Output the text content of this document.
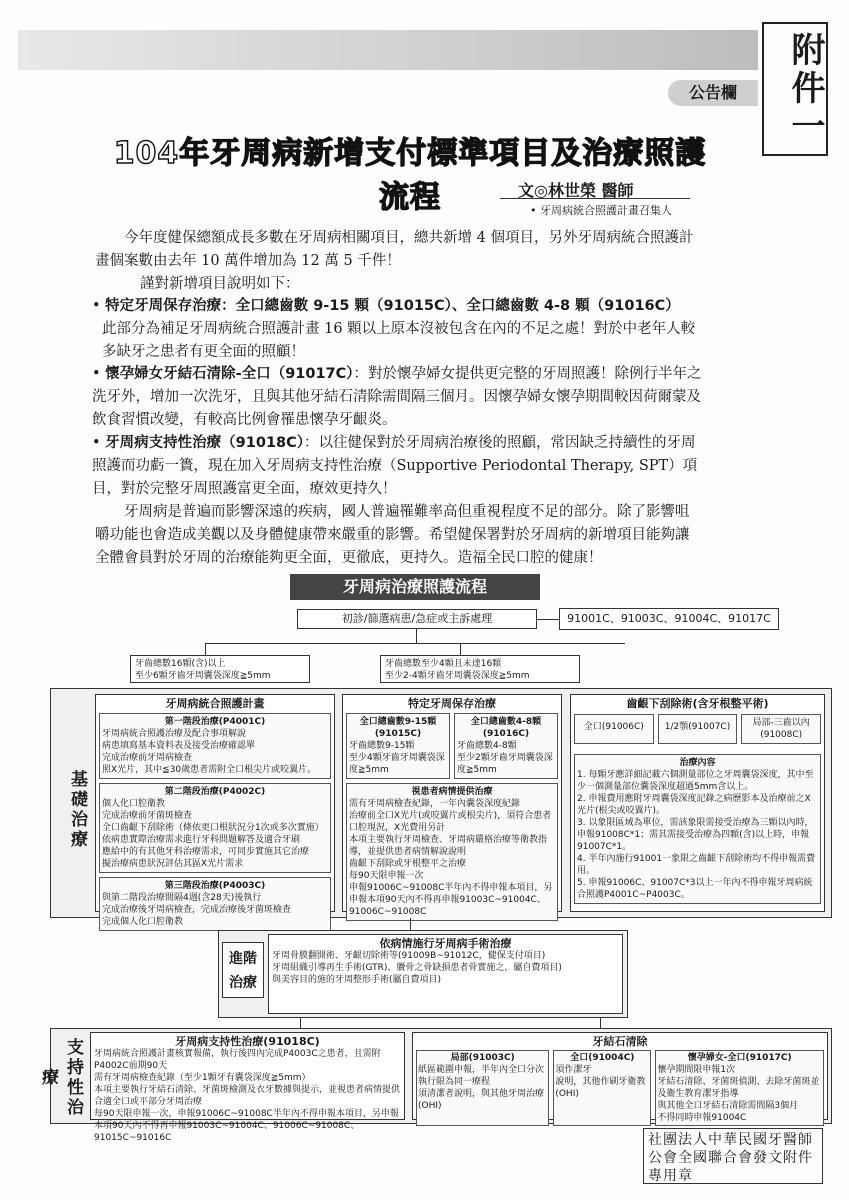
公告欄	附件一
104年牙周病新增支付標準項目及治療照護流程	文◎林世榮 醫師
• 牙周病統合照護計畫召集人
今年度健保總額成長多數在牙周病相關項目，總共新增 4 個項目，另外牙周病統合照護計畫個案數由去年 10 萬件增加為 12 萬 5 千件！
謹對新增項目說明如下：
• 特定牙周保存治療：全口總齒數 9-15 顆（91015C）、全口總齒數 4-8 顆（91016C）
此部分為補足牙周病統合照護計畫 16 顆以上原本沒被包含在內的不足之處！對於中老年人較多缺牙之患者有更全面的照顧！
• 懷孕婦女牙結石清除-全口（91017C）：對於懷孕婦女提供更完整的牙周照護！除例行半年之洗牙外，增加一次洗牙，且與其他牙結石清除需間隔三個月。因懷孕婦女懷孕期間較因荷爾蒙及飲食習慣改變，有較高比例會罹患懷孕牙齦炎。
• 牙周病支持性治療（91018C）：以往健保對於牙周病治療後的照顧，常因缺乏持續性的牙周照護而功虧一簣，現在加入牙周病支持性治療（Supportive Periodontal Therapy, SPT）項目，對於完整牙周照護富更全面，療效更持久！
牙周病是普遍而影響深遠的疾病，國人普遍罹難率高但重視程度不足的部分。除了影響咀嚼功能也會造成美觀以及身體健康帶來嚴重的影響。希望健保署對於牙周病的新增項目能夠讓全體會員對於牙周的治療能夠更全面，更徹底，更持久。造福全民口腔的健康！
牙周病治療照護流程
初診/篩選病患/急症或主訴處理	91001C、91003C、91004C、91017C
牙齒總數16顆(含)以上
至少6顆牙齒牙周囊袋深度≧5mm
牙齒總數至少4顆且未達16顆
至少2-4顆牙齒牙周囊袋深度≧5mm
基礎治療
牙周病統合照護計畫
第一階段治療(P4001C)
牙周病統合照護治療及配合事項解說
病患填寫基本資料表及接受治療確認單
完成治療前牙周病檢查
照X光片，其中≦30歲患者需附全口根尖片或咬翼片。
第二階段治療(P4002C)
個人化口腔衛教
完成治療前牙菌斑檢查
全口齒齦下刮除術（條依更口根狀況分1次或多次實施）
依病患實際治療需求進行牙科問題解答及適合牙刷
應給中的有其他牙科治療需求，可同步實施其它治療
擬治療病患狀況評估其區X光片需求
第三階段治療(P4003C)
與第二階段治療間隔4週(含28天)後執行
完成治療後牙周病檢查，完成治療後牙菌斑檢查
完成個人化口腔衛教
特定牙周保存治療
全口總齒數9-15顆 (91015C)
牙齒總數9-15顆
至少4顆牙齒牙周囊袋深度≧5mm
全口總齒數4-8顆 (91016C)
牙齒總數4-8顆
至少2顆牙齒牙周囊袋深度≧5mm
視患者病情提供治療
需有牙周病檢查紀錄，一年內囊袋深度紀錄
治療前全口X光片(或咬翼片或根尖片)，須符合患者口腔現況，X光費用另計
本項主要執行牙周檢查、牙周病嚴格治療等衛教指導，並提供患者病情解說說明
齒齦下刮除或牙根整平之治療
每90天限申報一次
申報91006C~91008C半年內不得申報本項目，另申報本項90天內不得再申報91003C~91004C、91006C~91008C
齒齦下刮除術(含牙根整平術)
全口(91006C)	1/2顎(91007C)	局部-三齒以內(91008C)
治療內容
1. 每顆牙應詳細記載六個測量部位之牙周囊袋深度，其中至少一個測量部位囊袋深度超過5mm含以上。
2. 申報費用應附牙周囊袋深度記錄之病歷影本及治療前之X光片(根尖或咬翼片)。
3. 以象限區域為單位，需該象限需接受治療為三顆以內時，申報91008C*1；需其需接受治療為四顆(含)以上時，申報91007C*1。
4. 半年內施行91001一象限之齒齦下刮除術均不得申報需費用。
5. 申報91006C、91007C*3以上一年內不得申報牙周病統合照護P4001C~P4003C。
進階治療
依病情施行牙周病手術治療
牙周骨膜翻開術、牙齦切除術等(91009B~91012C，健保支付項目)
牙周組織引導再生手術(GTR)、贗骨之骨缺損患者骨實施之，屬自費項目)
與美容目的施的牙周整形手術(屬自費項目)
支持性治療
牙周病支持性治療(91018C)
牙周病統合照護計畫核實報備，執行後四內完成P4003C之患者，且需附P4002C前期90天
需有牙周病檢查紀錄（至少1顆牙有囊袋深度≧5mm）
本項主要執行牙結石清除、牙菌斑檢測及衣牙數據與提示，並視患者病情提供合適全口或平部分牙周治療
每90天限申報一次，申報91006C~91008C半年內不得申報本項目，另申報本項90天內不得再申報91003C~91004C、91006C~91008C、91015C~91016C
牙結石清除
局部(91003C)
紙區範圍申報，半年內全口分次執行限為同一療程
須清潔者說明，與其他牙周治療(OHI)
全口(91004C)
須作潔牙
說明，其他作刷牙衛教(OHI)
懷孕婦女-全口(91017C)
懷孕期間限申報1次
牙結石清除、牙菌斑偵測、去除牙菌斑並及衛生教育潔牙指導
與其他全口牙結石清除需間隔3個月
不得同時申報91004C
社團法人中華民國牙醫師公會全國聯合會發文附件專用章
